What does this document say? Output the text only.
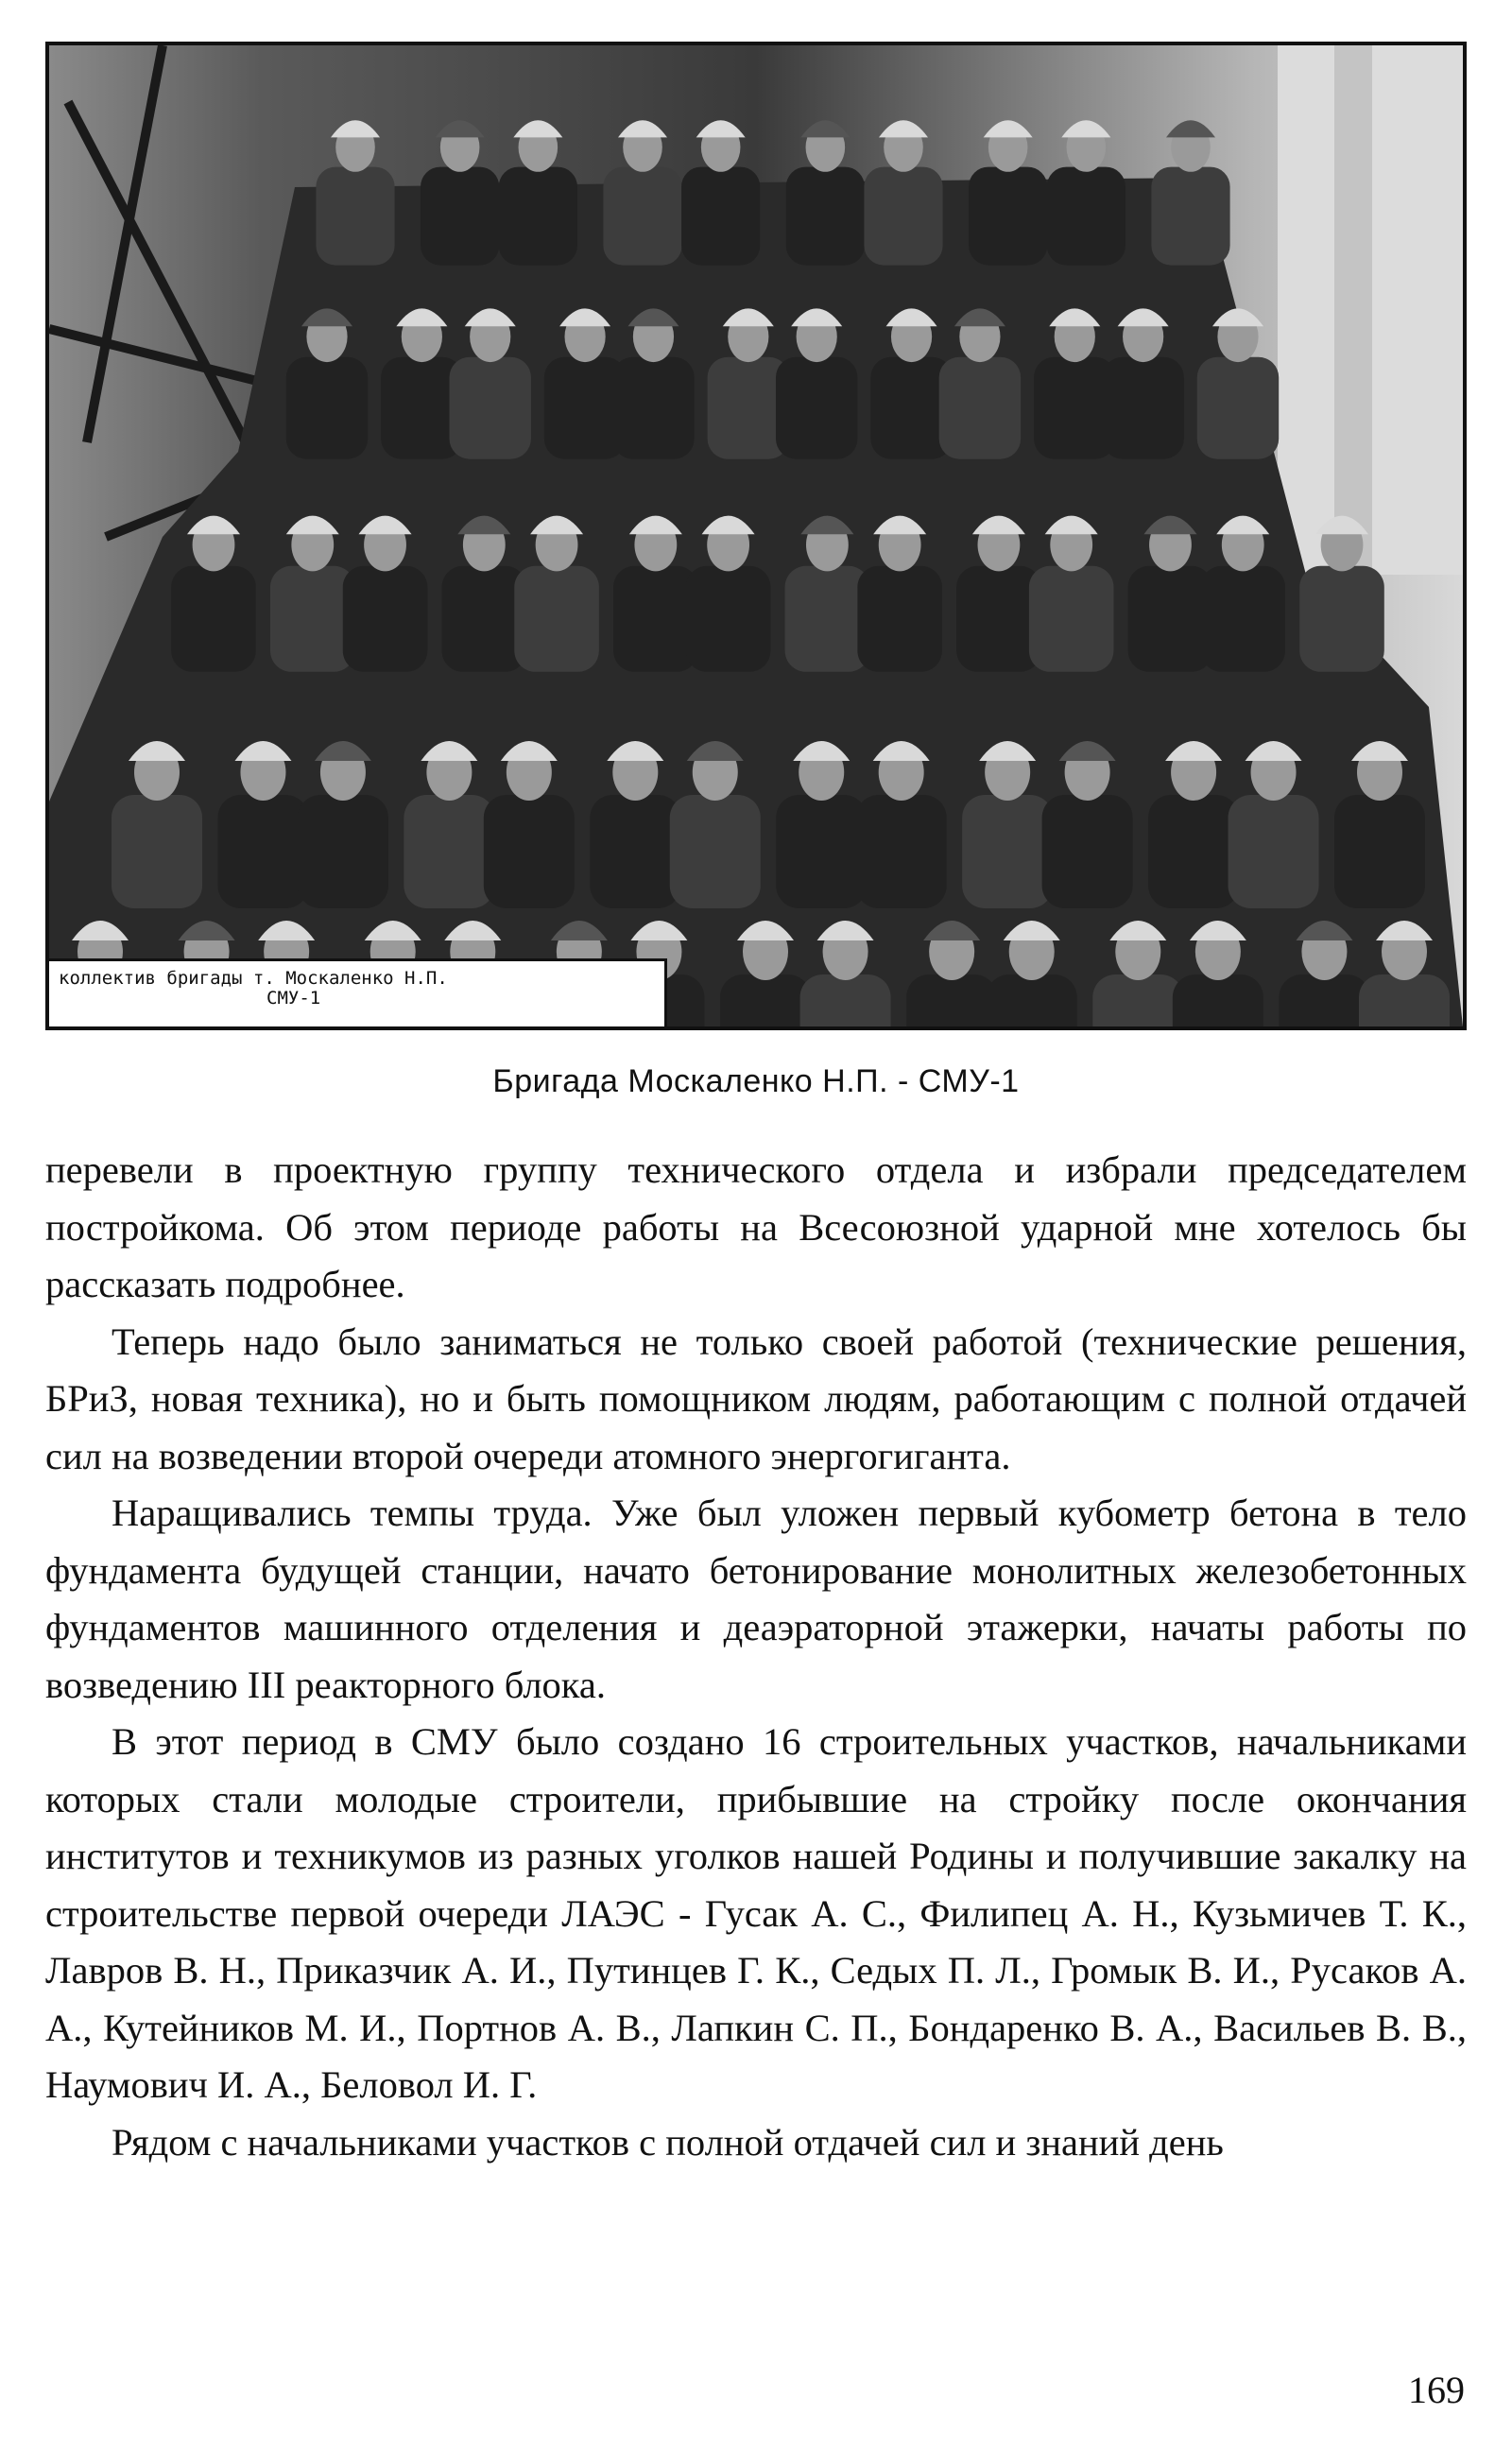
коллектив бригады т. Москаленко Н.П.
СМУ-1
Бригада Москаленко Н.П. - СМУ-1

перевели в проектную группу технического отдела и избрали председателем постройкома. Об этом периоде работы на Всесоюзной ударной мне хотелось бы рассказать подробнее.

Теперь надо было заниматься не только своей работой (технические решения, БРиЗ, новая техника), но и быть помощником людям, работающим с полной отдачей сил на возведении второй очереди атомного энергогиганта.

Наращивались темпы труда. Уже был уложен первый кубометр бетона в тело фундамента будущей станции, начато бетонирование монолитных железобетонных фундаментов машинного отделения и деаэраторной этажерки, начаты работы по возведению III реакторного блока.

В этот период в СМУ было создано 16 строительных участков, начальниками которых стали молодые строители, прибывшие на стройку после окончания институтов и техникумов из разных уголков нашей Родины и получившие закалку на строительстве первой очереди ЛАЭС - Гусак А. С., Филипец А. Н., Кузьмичев Т. К., Лавров В. Н., Приказчик А. И., Путинцев Г. К., Седых П. Л., Громык В. И., Русаков А. А., Кутейников М. И., Портнов А. В., Лапкин С. П., Бондаренко В. А., Васильев В. В., Наумович И. А., Беловол И. Г.

Рядом с начальниками участков с полной отдачей сил и знаний день

169
